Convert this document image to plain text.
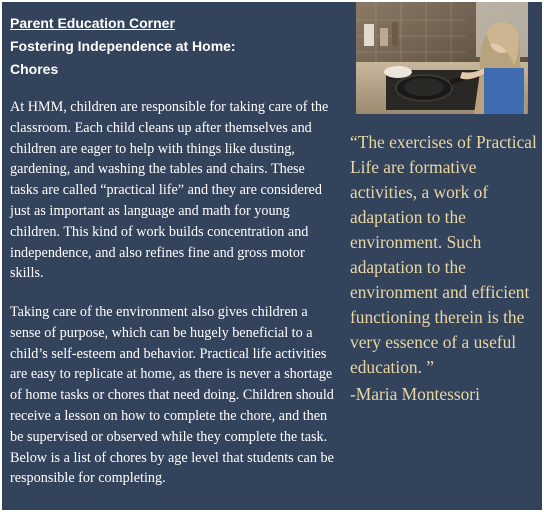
Parent Education Corner
Fostering Independence at Home:
Chores

At HMM, children are responsible for taking care of the classroom. Each child cleans up after themselves and children are eager to help with things like dusting, gardening, and washing the tables and chairs. These tasks are called “practical life” and they are considered just as important as language and math for young children. This kind of work builds concentration and independence, and also refines fine and gross motor skills.

Taking care of the environment also gives children a sense of purpose, which can be hugely beneficial to a child’s self-esteem and behavior. Practical life activities are easy to replicate at home, as there is never a shortage of home tasks or chores that need doing. Children should receive a lesson on how to complete the chore, and then be supervised or observed while they complete the task. Below is a list of chores by age level that students can be responsible for completing.

“The exercises of Practical Life are formative activities, a work of adaptation to the environment. Such adaptation to the environment and efficient functioning therein is the very essence of a useful education. ”
-Maria Montessori
